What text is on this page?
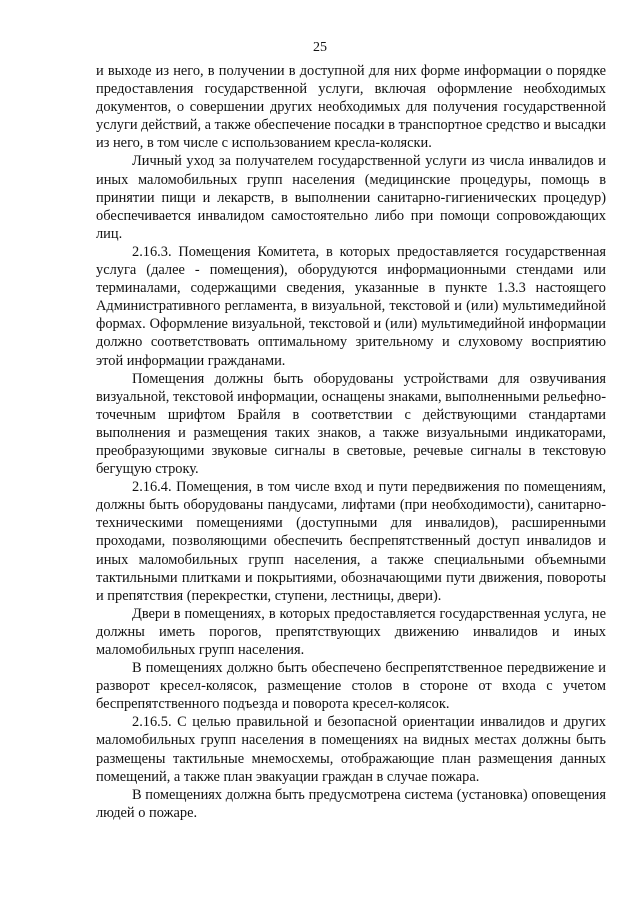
25

и выходе из него, в получении в доступной для них форме информации о порядке предоставления государственной услуги, включая оформление необходимых документов, о совершении других необходимых для получения государственной услуги действий, а также обеспечение посадки в транспортное средство и высадки из него, в том числе с использованием кресла-коляски.

Личный уход за получателем государственной услуги из числа инвалидов и иных маломобильных групп населения (медицинские процедуры, помощь в принятии пищи и лекарств, в выполнении санитарно-гигиенических процедур) обеспечивается инвалидом самостоятельно либо при помощи сопровождающих лиц.

2.16.3. Помещения Комитета, в которых предоставляется государственная услуга (далее - помещения), оборудуются информационными стендами или терминалами, содержащими сведения, указанные в пункте 1.3.3 настоящего Административного регламента, в визуальной, текстовой и (или) мультимедийной формах. Оформление визуальной, текстовой и (или) мультимедийной информации должно соответствовать оптимальному зрительному и слуховому восприятию этой информации гражданами.

Помещения должны быть оборудованы устройствами для озвучивания визуальной, текстовой информации, оснащены знаками, выполненными рельефно-точечным шрифтом Брайля в соответствии с действующими стандартами выполнения и размещения таких знаков, а также визуальными индикаторами, преобразующими звуковые сигналы в световые, речевые сигналы в текстовую бегущую строку.

2.16.4. Помещения, в том числе вход и пути передвижения по помещениям, должны быть оборудованы пандусами, лифтами (при необходимости), санитарно-техническими помещениями (доступными для инвалидов), расширенными проходами, позволяющими обеспечить беспрепятственный доступ инвалидов и иных маломобильных групп населения, а также специальными объемными тактильными плитками и покрытиями, обозначающими пути движения, повороты и препятствия (перекрестки, ступени, лестницы, двери).

Двери в помещениях, в которых предоставляется государственная услуга, не должны иметь порогов, препятствующих движению инвалидов и иных маломобильных групп населения.

В помещениях должно быть обеспечено беспрепятственное передвижение и разворот кресел-колясок, размещение столов в стороне от входа с учетом беспрепятственного подъезда и поворота кресел-колясок.

2.16.5. С целью правильной и безопасной ориентации инвалидов и других маломобильных групп населения в помещениях на видных местах должны быть размещены тактильные мнемосхемы, отображающие план размещения данных помещений, а также план эвакуации граждан в случае пожара.

В помещениях должна быть предусмотрена система (установка) оповещения людей о пожаре.
